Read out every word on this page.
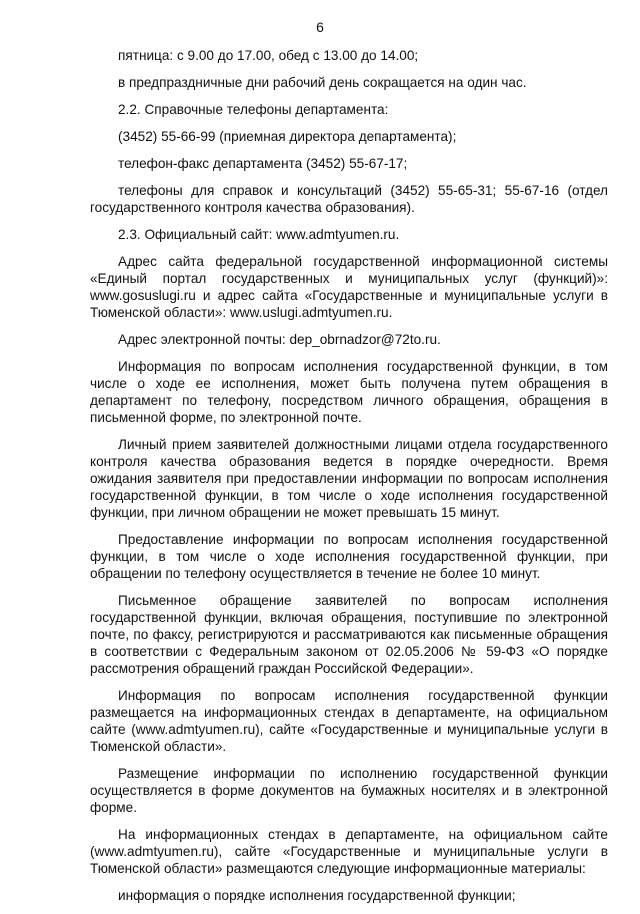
6

пятница: с 9.00 до 17.00, обед с 13.00 до 14.00;

в предпраздничные дни рабочий день сокращается на один час.

2.2. Справочные телефоны департамента:

(3452) 55-66-99 (приемная директора департамента);

телефон-факс департамента (3452) 55-67-17;

телефоны для справок и консультаций (3452) 55-65-31; 55-67-16 (отдел государственного контроля качества образования).

2.3. Официальный сайт: www.admtyumen.ru.

Адрес сайта федеральной государственной информационной системы «Единый портал государственных и муниципальных услуг (функций)»: www.gosuslugi.ru и адрес сайта «Государственные и муниципальные услуги в Тюменской области»: www.uslugi.admtyumen.ru.

Адрес электронной почты: dep_obrnadzor@72to.ru.

Информация по вопросам исполнения государственной функции, в том числе о ходе ее исполнения, может быть получена путем обращения в департамент по телефону, посредством личного обращения, обращения в письменной форме, по электронной почте.

Личный прием заявителей должностными лицами отдела государственного контроля качества образования ведется в порядке очередности. Время ожидания заявителя при предоставлении информации по вопросам исполнения государственной функции, в том числе о ходе исполнения государственной функции, при личном обращении не может превышать 15 минут.

Предоставление информации по вопросам исполнения государственной функции, в том числе о ходе исполнения государственной функции, при обращении по телефону осуществляется в течение не более 10 минут.

Письменное обращение заявителей по вопросам исполнения государственной функции, включая обращения, поступившие по электронной почте, по факсу, регистрируются и рассматриваются как письменные обращения в соответствии с Федеральным законом от 02.05.2006 № 59-ФЗ «О порядке рассмотрения обращений граждан Российской Федерации».

Информация по вопросам исполнения государственной функции размещается на информационных стендах в департаменте, на официальном сайте (www.admtyumen.ru), сайте «Государственные и муниципальные услуги в Тюменской области».

Размещение информации по исполнению государственной функции осуществляется в форме документов на бумажных носителях и в электронной форме.

На информационных стендах в департаменте, на официальном сайте (www.admtyumen.ru), сайте «Государственные и муниципальные услуги в Тюменской области» размещаются следующие информационные материалы:

информация о порядке исполнения государственной функции;
